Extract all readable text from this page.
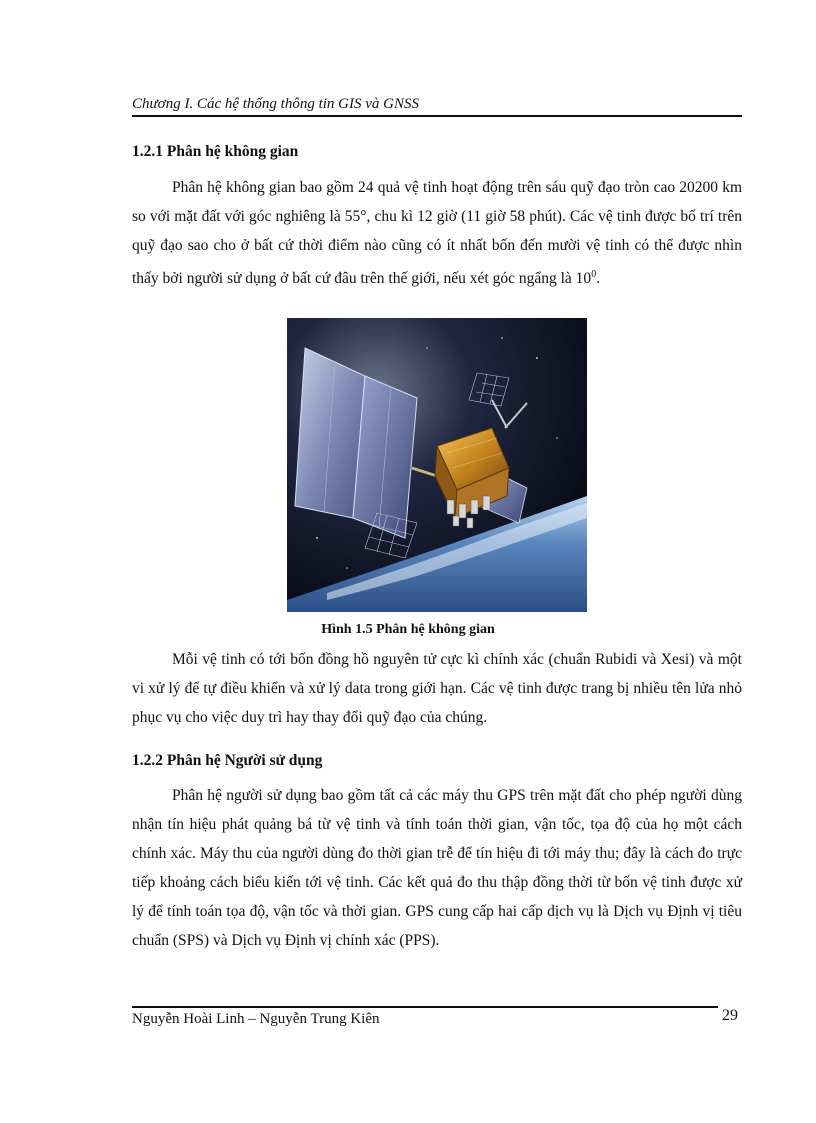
Chương I. Các hệ thống thông tin GIS và GNSS
1.2.1 Phân hệ không gian

Phân hệ không gian bao gồm 24 quả vệ tinh hoạt động trên sáu quỹ đạo tròn cao 20200 km so với mặt đất với góc nghiêng là 55°, chu kì 12 giờ (11 giờ 58 phút). Các vệ tinh được bố trí trên quỹ đạo sao cho ở bất cứ thời điểm nào cũng có ít nhất bốn đến mười vệ tinh có thể được nhìn thấy bởi người sử dụng ở bất cứ đâu trên thế giới, nếu xét góc ngẩng là $10^0$.

Hình 1.5 Phân hệ không gian

Mỗi vệ tinh có tới bốn đồng hồ nguyên tử cực kì chính xác (chuẩn Rubidi và Xesi) và một vi xử lý để tự điều khiển và xử lý data trong giới hạn. Các vệ tinh được trang bị nhiều tên lửa nhỏ phục vụ cho việc duy trì hay thay đổi quỹ đạo của chúng.

1.2.2 Phân hệ Người sử dụng

Phân hệ người sử dụng bao gồm tất cả các máy thu GPS trên mặt đất cho phép người dùng nhận tín hiệu phát quảng bá từ vệ tinh và tính toán thời gian, vận tốc, tọa độ của họ một cách chính xác. Máy thu của người dùng đo thời gian trễ để tín hiệu đi tới máy thu; đây là cách đo trực tiếp khoảng cách biểu kiến tới vệ tinh. Các kết quả đo thu thập đồng thời từ bốn vệ tinh được xử lý để tính toán tọa độ, vận tốc và thời gian. GPS cung cấp hai cấp dịch vụ là Dịch vụ Định vị tiêu chuẩn (SPS) và Dịch vụ Định vị chính xác (PPS).

Nguyễn Hoài Linh – Nguyễn Trung Kiên	29
